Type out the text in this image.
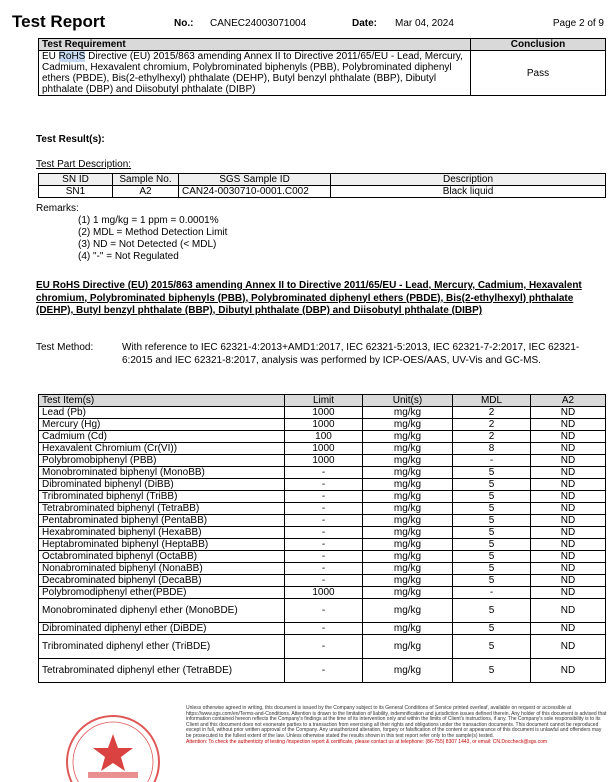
Test Report	No.: CANEC24003071004	Date: Mar 04, 2024	Page 2 of 9
Test Requirement	Conclusion
EU RoHS Directive (EU) 2015/863 amending Annex II to Directive 2011/65/EU - Lead, Mercury, Cadmium, Hexavalent chromium, Polybrominated biphenyls (PBB), Polybrominated diphenyl ethers (PBDE), Bis(2-ethylhexyl) phthalate (DEHP), Butyl benzyl phthalate (BBP), Dibutyl phthalate (DBP) and Diisobutyl phthalate (DIBP)	Pass
Test Result(s):
Test Part Description:
SN ID	Sample No.	SGS Sample ID	Description
SN1	A2	CAN24-0030710-0001.C002	Black liquid
Remarks:
(1) 1 mg/kg = 1 ppm = 0.0001%
(2) MDL = Method Detection Limit
(3) ND = Not Detected (< MDL)
(4) "-" = Not Regulated
EU RoHS Directive (EU) 2015/863 amending Annex II to Directive 2011/65/EU - Lead, Mercury, Cadmium, Hexavalent chromium, Polybrominated biphenyls (PBB), Polybrominated diphenyl ethers (PBDE), Bis(2-ethylhexyl) phthalate (DEHP), Butyl benzyl phthalate (BBP), Dibutyl phthalate (DBP) and Diisobutyl phthalate (DIBP)
Test Method:	With reference to IEC 62321-4:2013+AMD1:2017, IEC 62321-5:2013, IEC 62321-7-2:2017, IEC 62321-6:2015 and IEC 62321-8:2017, analysis was performed by ICP-OES/AAS, UV-Vis and GC-MS.
Test Item(s)	Limit	Unit(s)	MDL	A2
Lead (Pb)	1000	mg/kg	2	ND
Mercury (Hg)	1000	mg/kg	2	ND
Cadmium (Cd)	100	mg/kg	2	ND
Hexavalent Chromium (Cr(VI))	1000	mg/kg	8	ND
Polybromobiphenyl (PBB)	1000	mg/kg	-	ND
Monobrominated biphenyl (MonoBB)	-	mg/kg	5	ND
Dibrominated biphenyl (DiBB)	-	mg/kg	5	ND
Tribrominated biphenyl (TriBB)	-	mg/kg	5	ND
Tetrabrominated biphenyl (TetraBB)	-	mg/kg	5	ND
Pentabrominated biphenyl (PentaBB)	-	mg/kg	5	ND
Hexabrominated biphenyl (HexaBB)	-	mg/kg	5	ND
Heptabrominated biphenyl (HeptaBB)	-	mg/kg	5	ND
Octabrominated biphenyl (OctaBB)	-	mg/kg	5	ND
Nonabrominated biphenyl (NonaBB)	-	mg/kg	5	ND
Decabrominated biphenyl (DecaBB)	-	mg/kg	5	ND
Polybromodiphenyl ether(PBDE)	1000	mg/kg	-	ND
Monobrominated diphenyl ether (MonoBDE)	-	mg/kg	5	ND
Dibrominated diphenyl ether (DiBDE)	-	mg/kg	5	ND
Tribrominated diphenyl ether (TriBDE)	-	mg/kg	5	ND
Tetrabrominated diphenyl ether (TetraBDE)	-	mg/kg	5	ND
Unless otherwise agreed in writing, this document is issued by the Company subject to its General Conditions of Service printed overleaf, available on request or accessible at https://www.sgs.com/en/Terms-and-Conditions. Attention is drawn to the limitation of liability, indemnification and jurisdiction issues defined therein. Any holder of this document is advised that information contained hereon reflects the Company's findings at the time of its intervention only and within the limits of Client's instructions, if any. The Company's sole responsibility is to its Client and this document does not exonerate parties to a transaction from exercising all their rights and obligations under the transaction documents. This document cannot be reproduced except in full, without prior written approval of the Company. Any unauthorized alteration, forgery or falsification of the content or appearance of this document is unlawful and offenders may be prosecuted to the fullest extent of the law. Unless otherwise stated the results shown in this test report refer only to the sample(s) tested.
Attention: To check the authenticity of testing /inspection report & certificate, please contact us at telephone: (86-755) 8307 1443, or email: CN.Doccheck@sgs.com
